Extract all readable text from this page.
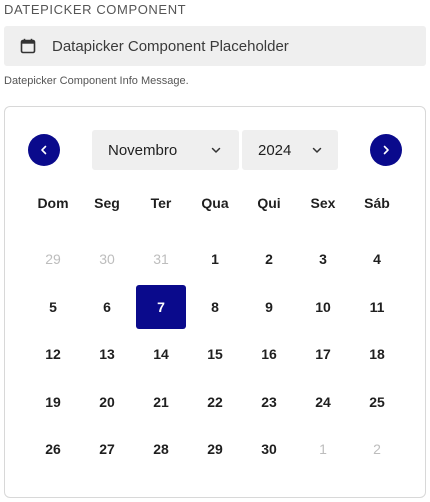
DATEPICKER COMPONENT
Datapicker Component Placeholder
Datepicker Component Info Message.
Novembro	2024
Dom	Seg	Ter	Qua	Qui	Sex	Sáb
29	30	31	1	2	3	4
5	6	7	8	9	10	11
12	13	14	15	16	17	18
19	20	21	22	23	24	25
26	27	28	29	30	1	2
